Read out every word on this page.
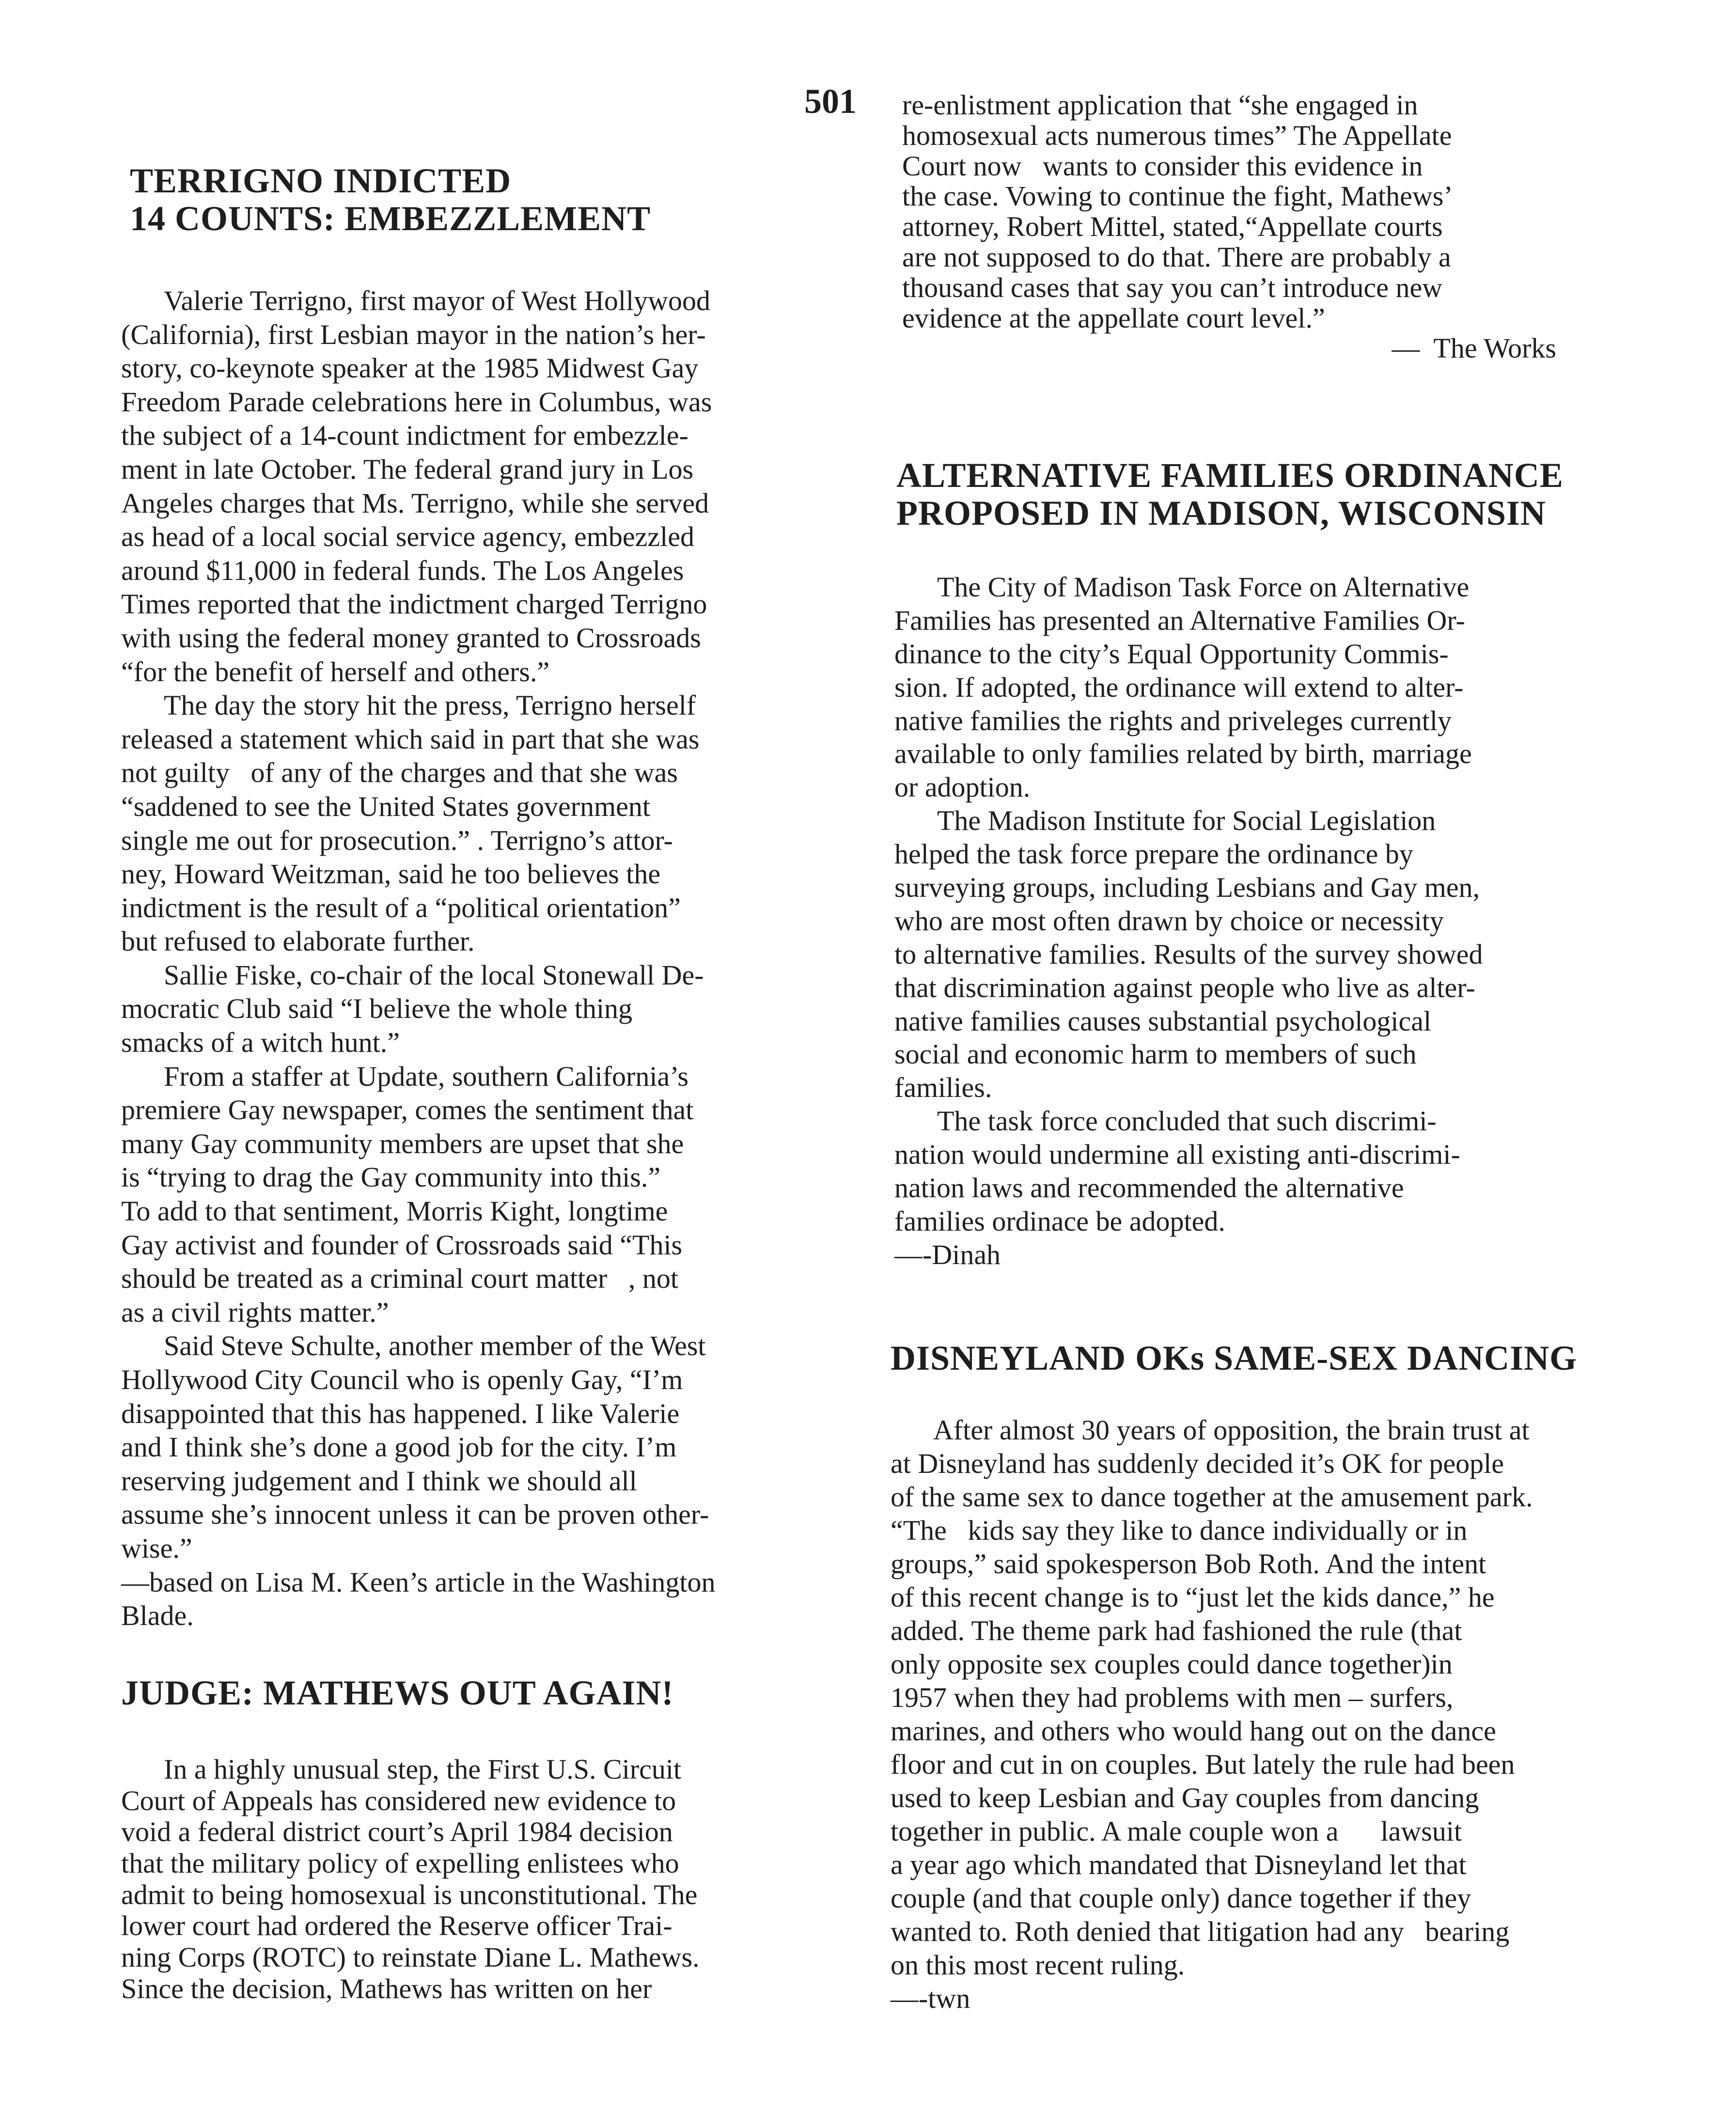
501
TERRIGNO INDICTED
14 COUNTS: EMBEZZLEMENT
Valerie Terrigno, first mayor of West Hollywood
(California), first Lesbian mayor in the nation’s her-
story, co-keynote speaker at the 1985 Midwest Gay
Freedom Parade celebrations here in Columbus, was
the subject of a 14-count indictment for embezzle-
ment in late October. The federal grand jury in Los
Angeles charges that Ms. Terrigno, while she served
as head of a local social service agency, embezzled
around $11,000 in federal funds. The Los Angeles
Times reported that the indictment charged Terrigno
with using the federal money granted to Crossroads
“for the benefit of herself and others.”
The day the story hit the press, Terrigno herself
released a statement which said in part that she was
not guilty   of any of the charges and that she was
“saddened to see the United States government
single me out for prosecution.” . Terrigno’s attor-
ney, Howard Weitzman, said he too believes the
indictment is the result of a “political orientation”
but refused to elaborate further.
Sallie Fiske, co-chair of the local Stonewall De-
mocratic Club said “I believe the whole thing
smacks of a witch hunt.”
From a staffer at Update, southern California’s
premiere Gay newspaper, comes the sentiment that
many Gay community members are upset that she
is “trying to drag the Gay community into this.”
To add to that sentiment, Morris Kight, longtime
Gay activist and founder of Crossroads said “This
should be treated as a criminal court matter   , not
as a civil rights matter.”
Said Steve Schulte, another member of the West
Hollywood City Council who is openly Gay, “I’m
disappointed that this has happened. I like Valerie
and I think she’s done a good job for the city. I’m
reserving judgement and I think we should all
assume she’s innocent unless it can be proven other-
wise.”
—based on Lisa M. Keen’s article in the Washington
Blade.
JUDGE: MATHEWS OUT AGAIN!
In a highly unusual step, the First U.S. Circuit
Court of Appeals has considered new evidence to
void a federal district court’s April 1984 decision
that the military policy of expelling enlistees who
admit to being homosexual is unconstitutional. The
lower court had ordered the Reserve officer Trai-
ning Corps (ROTC) to reinstate Diane L. Mathews.
Since the decision, Mathews has written on her
re-enlistment application that “she engaged in
homosexual acts numerous times” The Appellate
Court now   wants to consider this evidence in
the case. Vowing to continue the fight, Mathews’
attorney, Robert Mittel, stated,“Appellate courts
are not supposed to do that. There are probably a
thousand cases that say you can’t introduce new
evidence at the appellate court level.”
—  The Works
ALTERNATIVE FAMILIES ORDINANCE
PROPOSED IN MADISON, WISCONSIN
The City of Madison Task Force on Alternative
Families has presented an Alternative Families Or-
dinance to the city’s Equal Opportunity Commis-
sion. If adopted, the ordinance will extend to alter-
native families the rights and priveleges currently
available to only families related by birth, marriage
or adoption.
The Madison Institute for Social Legislation
helped the task force prepare the ordinance by
surveying groups, including Lesbians and Gay men,
who are most often drawn by choice or necessity
to alternative families. Results of the survey showed
that discrimination against people who live as alter-
native families causes substantial psychological
social and economic harm to members of such
families.
The task force concluded that such discrimi-
nation would undermine all existing anti-discrimi-
nation laws and recommended the alternative
families ordinace be adopted.
—-Dinah
DISNEYLAND OKs SAME-SEX DANCING
After almost 30 years of opposition, the brain trust at
at Disneyland has suddenly decided it’s OK for people
of the same sex to dance together at the amusement park.
“The   kids say they like to dance individually or in
groups,” said spokesperson Bob Roth. And the intent
of this recent change is to “just let the kids dance,” he
added. The theme park had fashioned the rule (that
only opposite sex couples could dance together)in
1957 when they had problems with men – surfers,
marines, and others who would hang out on the dance
floor and cut in on couples. But lately the rule had been
used to keep Lesbian and Gay couples from dancing
together in public. A male couple won a      lawsuit
a year ago which mandated that Disneyland let that
couple (and that couple only) dance together if they
wanted to. Roth denied that litigation had any   bearing
on this most recent ruling.
—-twn
